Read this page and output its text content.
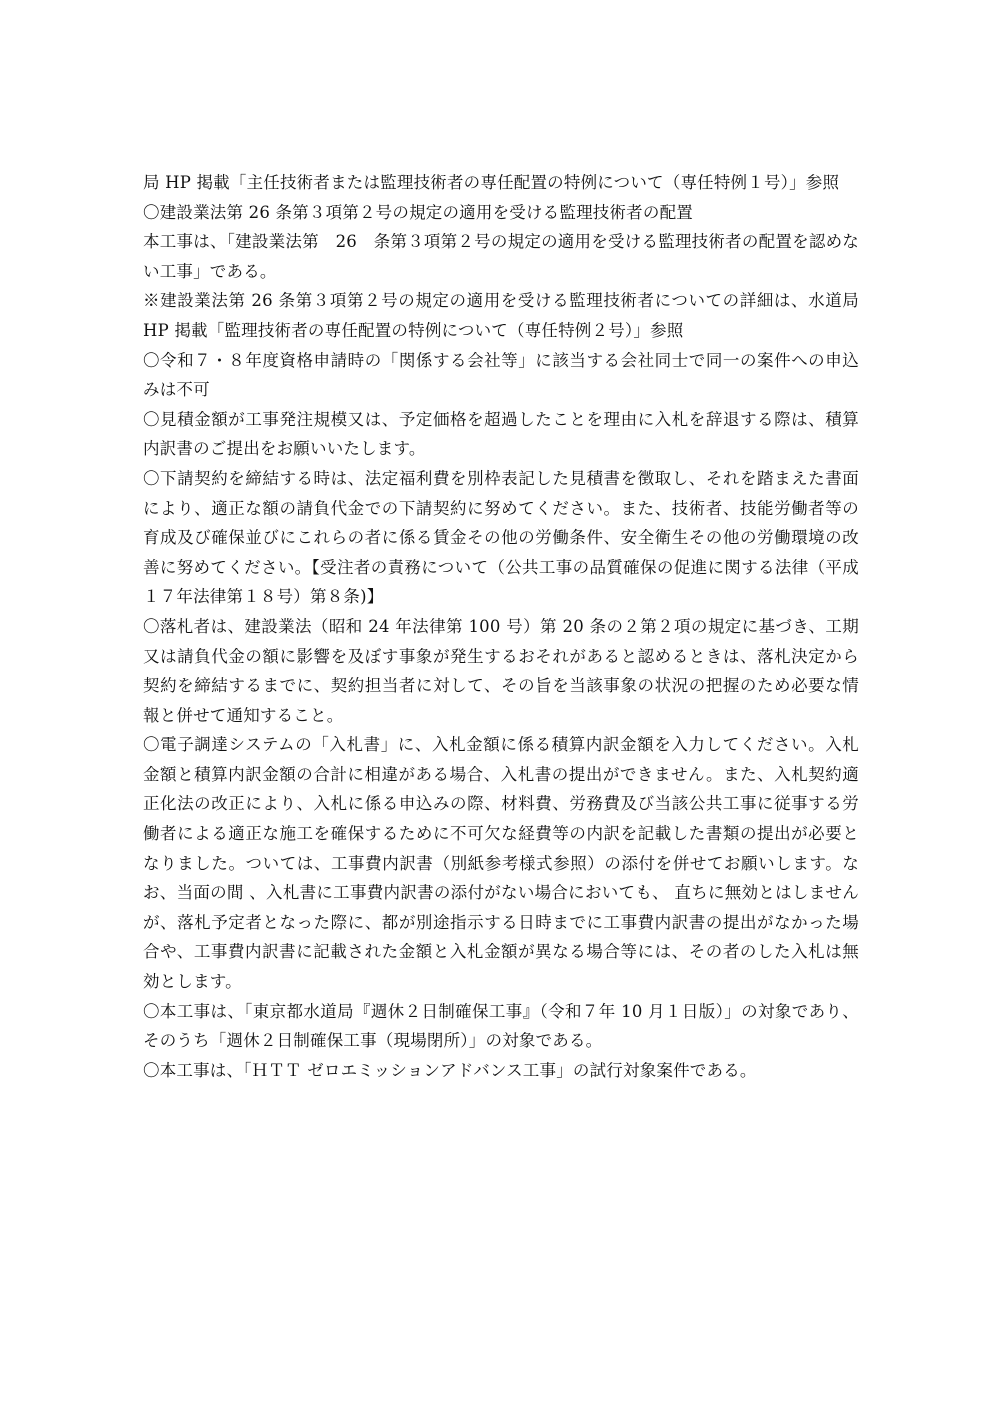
局 HP 掲載「主任技術者または監理技術者の専任配置の特例について（専任特例１号）」参照

〇建設業法第 26 条第３項第２号の規定の適用を受ける監理技術者の配置

本工事は、「建設業法第　26　条第３項第２号の規定の適用を受ける監理技術者の配置を認めない工事」である。

※建設業法第 26 条第３項第２号の規定の適用を受ける監理技術者についての詳細は、水道局 HP 掲載「監理技術者の専任配置の特例について（専任特例２号）」参照

〇令和７・８年度資格申請時の「関係する会社等」に該当する会社同士で同一の案件への申込みは不可

〇見積金額が工事発注規模又は、予定価格を超過したことを理由に入札を辞退する際は、積算内訳書のご提出をお願いいたします。

〇下請契約を締結する時は、法定福利費を別枠表記した見積書を徴取し、それを踏まえた書面により、適正な額の請負代金での下請契約に努めてください。また、技術者、技能労働者等の育成及び確保並びにこれらの者に係る賃金その他の労働条件、安全衛生その他の労働環境の改善に努めてください。【受注者の責務について（公共工事の品質確保の促進に関する法律（平成１７年法律第１８号）第８条)】

〇落札者は、建設業法（昭和 24 年法律第 100 号）第 20 条の２第２項の規定に基づき、工期又は請負代金の額に影響を及ぼす事象が発生するおそれがあると認めるときは、落札決定から契約を締結するまでに、契約担当者に対して、その旨を当該事象の状況の把握のため必要な情報と併せて通知すること。

〇電子調達システムの「入札書」に、入札金額に係る積算内訳金額を入力してください。入札金額と積算内訳金額の合計に相違がある場合、入札書の提出ができません。また、入札契約適正化法の改正により、入札に係る申込みの際、材料費、労務費及び当該公共工事に従事する労働者による適正な施工を確保するために不可欠な経費等の内訳を記載した書類の提出が必要となりました。ついては、工事費内訳書（別紙参考様式参照）の添付を併せてお願いします。なお、当面の間 、入札書に工事費内訳書の添付がない場合においても、 直ちに無効とはしませんが、落札予定者となった際に、都が別途指示する日時までに工事費内訳書の提出がなかった場合や、工事費内訳書に記載された金額と入札金額が異なる場合等には、その者のした入札は無効とします。

〇本工事は、「東京都水道局『週休２日制確保工事』（令和７年 10 月１日版）」の対象であり、そのうち「週休２日制確保工事（現場閉所）」の対象である。

〇本工事は、「ＨＴＴ ゼロエミッションアドバンス工事」の試行対象案件である。
